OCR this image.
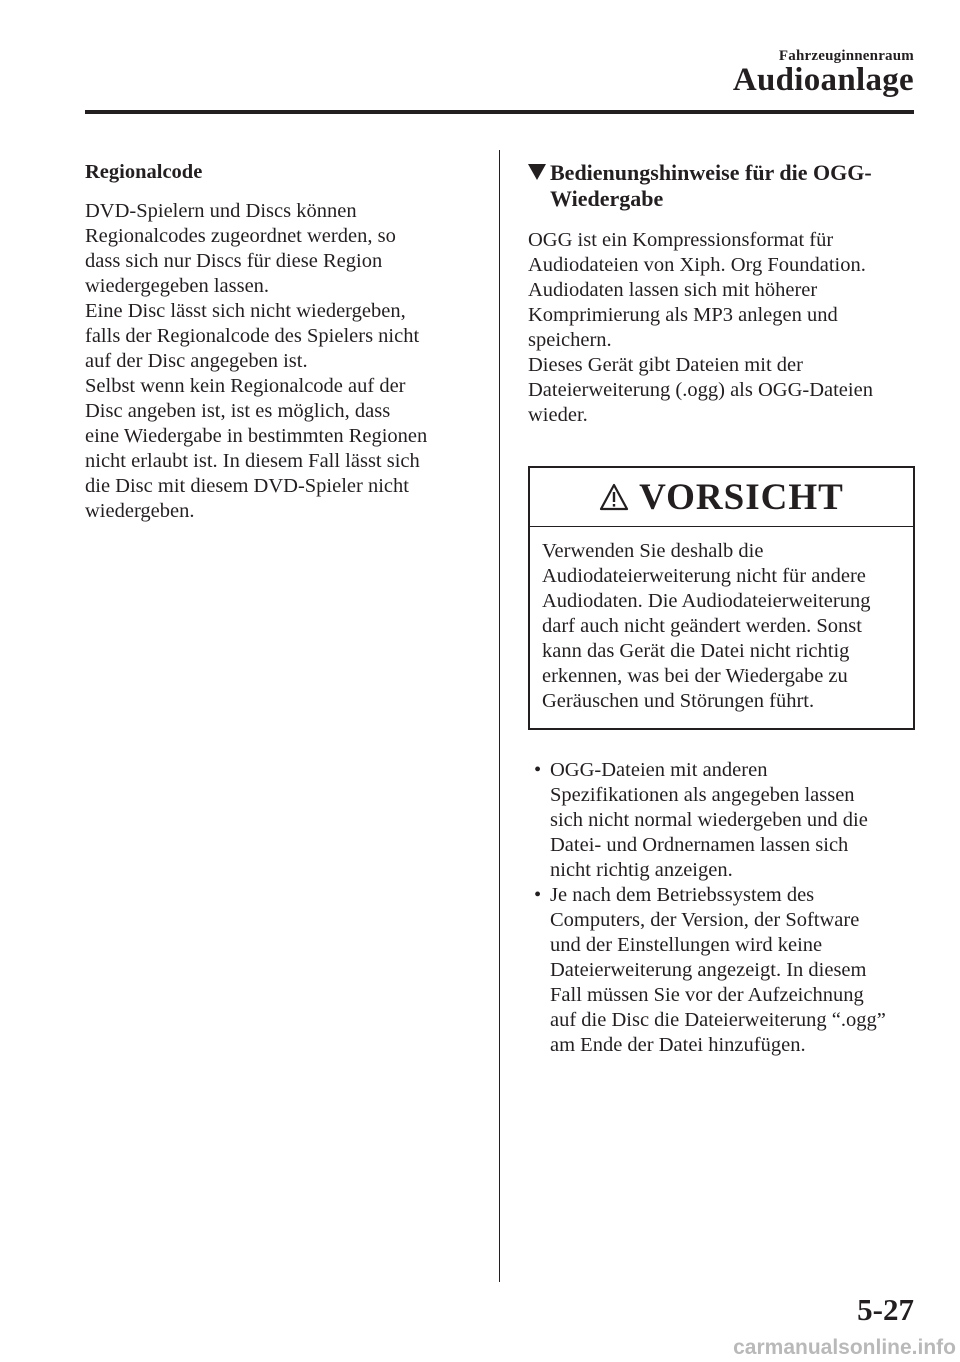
Fahrzeuginnenraum
Audioanlage
Regionalcode

DVD-Spielern und Discs können
Regionalcodes zugeordnet werden, so
dass sich nur Discs für diese Region
wiedergegeben lassen.
Eine Disc lässt sich nicht wiedergeben,
falls der Regionalcode des Spielers nicht
auf der Disc angegeben ist.
Selbst wenn kein Regionalcode auf der
Disc angeben ist, ist es möglich, dass
eine Wiedergabe in bestimmten Regionen
nicht erlaubt ist. In diesem Fall lässt sich
die Disc mit diesem DVD-Spieler nicht
wiedergeben.

Bedienungshinweise für die OGG-
Wiedergabe

OGG ist ein Kompressionsformat für
Audiodateien von Xiph. Org Foundation.
Audiodaten lassen sich mit höherer
Komprimierung als MP3 anlegen und
speichern.
Dieses Gerät gibt Dateien mit der
Dateierweiterung (.ogg) als OGG-Dateien
wieder.

VORSICHT
Verwenden Sie deshalb die
Audiodateierweiterung nicht für andere
Audiodaten. Die Audiodateierweiterung
darf auch nicht geändert werden. Sonst
kann das Gerät die Datei nicht richtig
erkennen, was bei der Wiedergabe zu
Geräuschen und Störungen führt.
• OGG-Dateien mit anderen
Spezifikationen als angegeben lassen
sich nicht normal wiedergeben und die
Datei- und Ordnernamen lassen sich
nicht richtig anzeigen.
• Je nach dem Betriebssystem des
Computers, der Version, der Software
und der Einstellungen wird keine
Dateierweiterung angezeigt. In diesem
Fall müssen Sie vor der Aufzeichnung
auf die Disc die Dateierweiterung “.ogg”
am Ende der Datei hinzufügen.
5-27
carmanualsonline.info
